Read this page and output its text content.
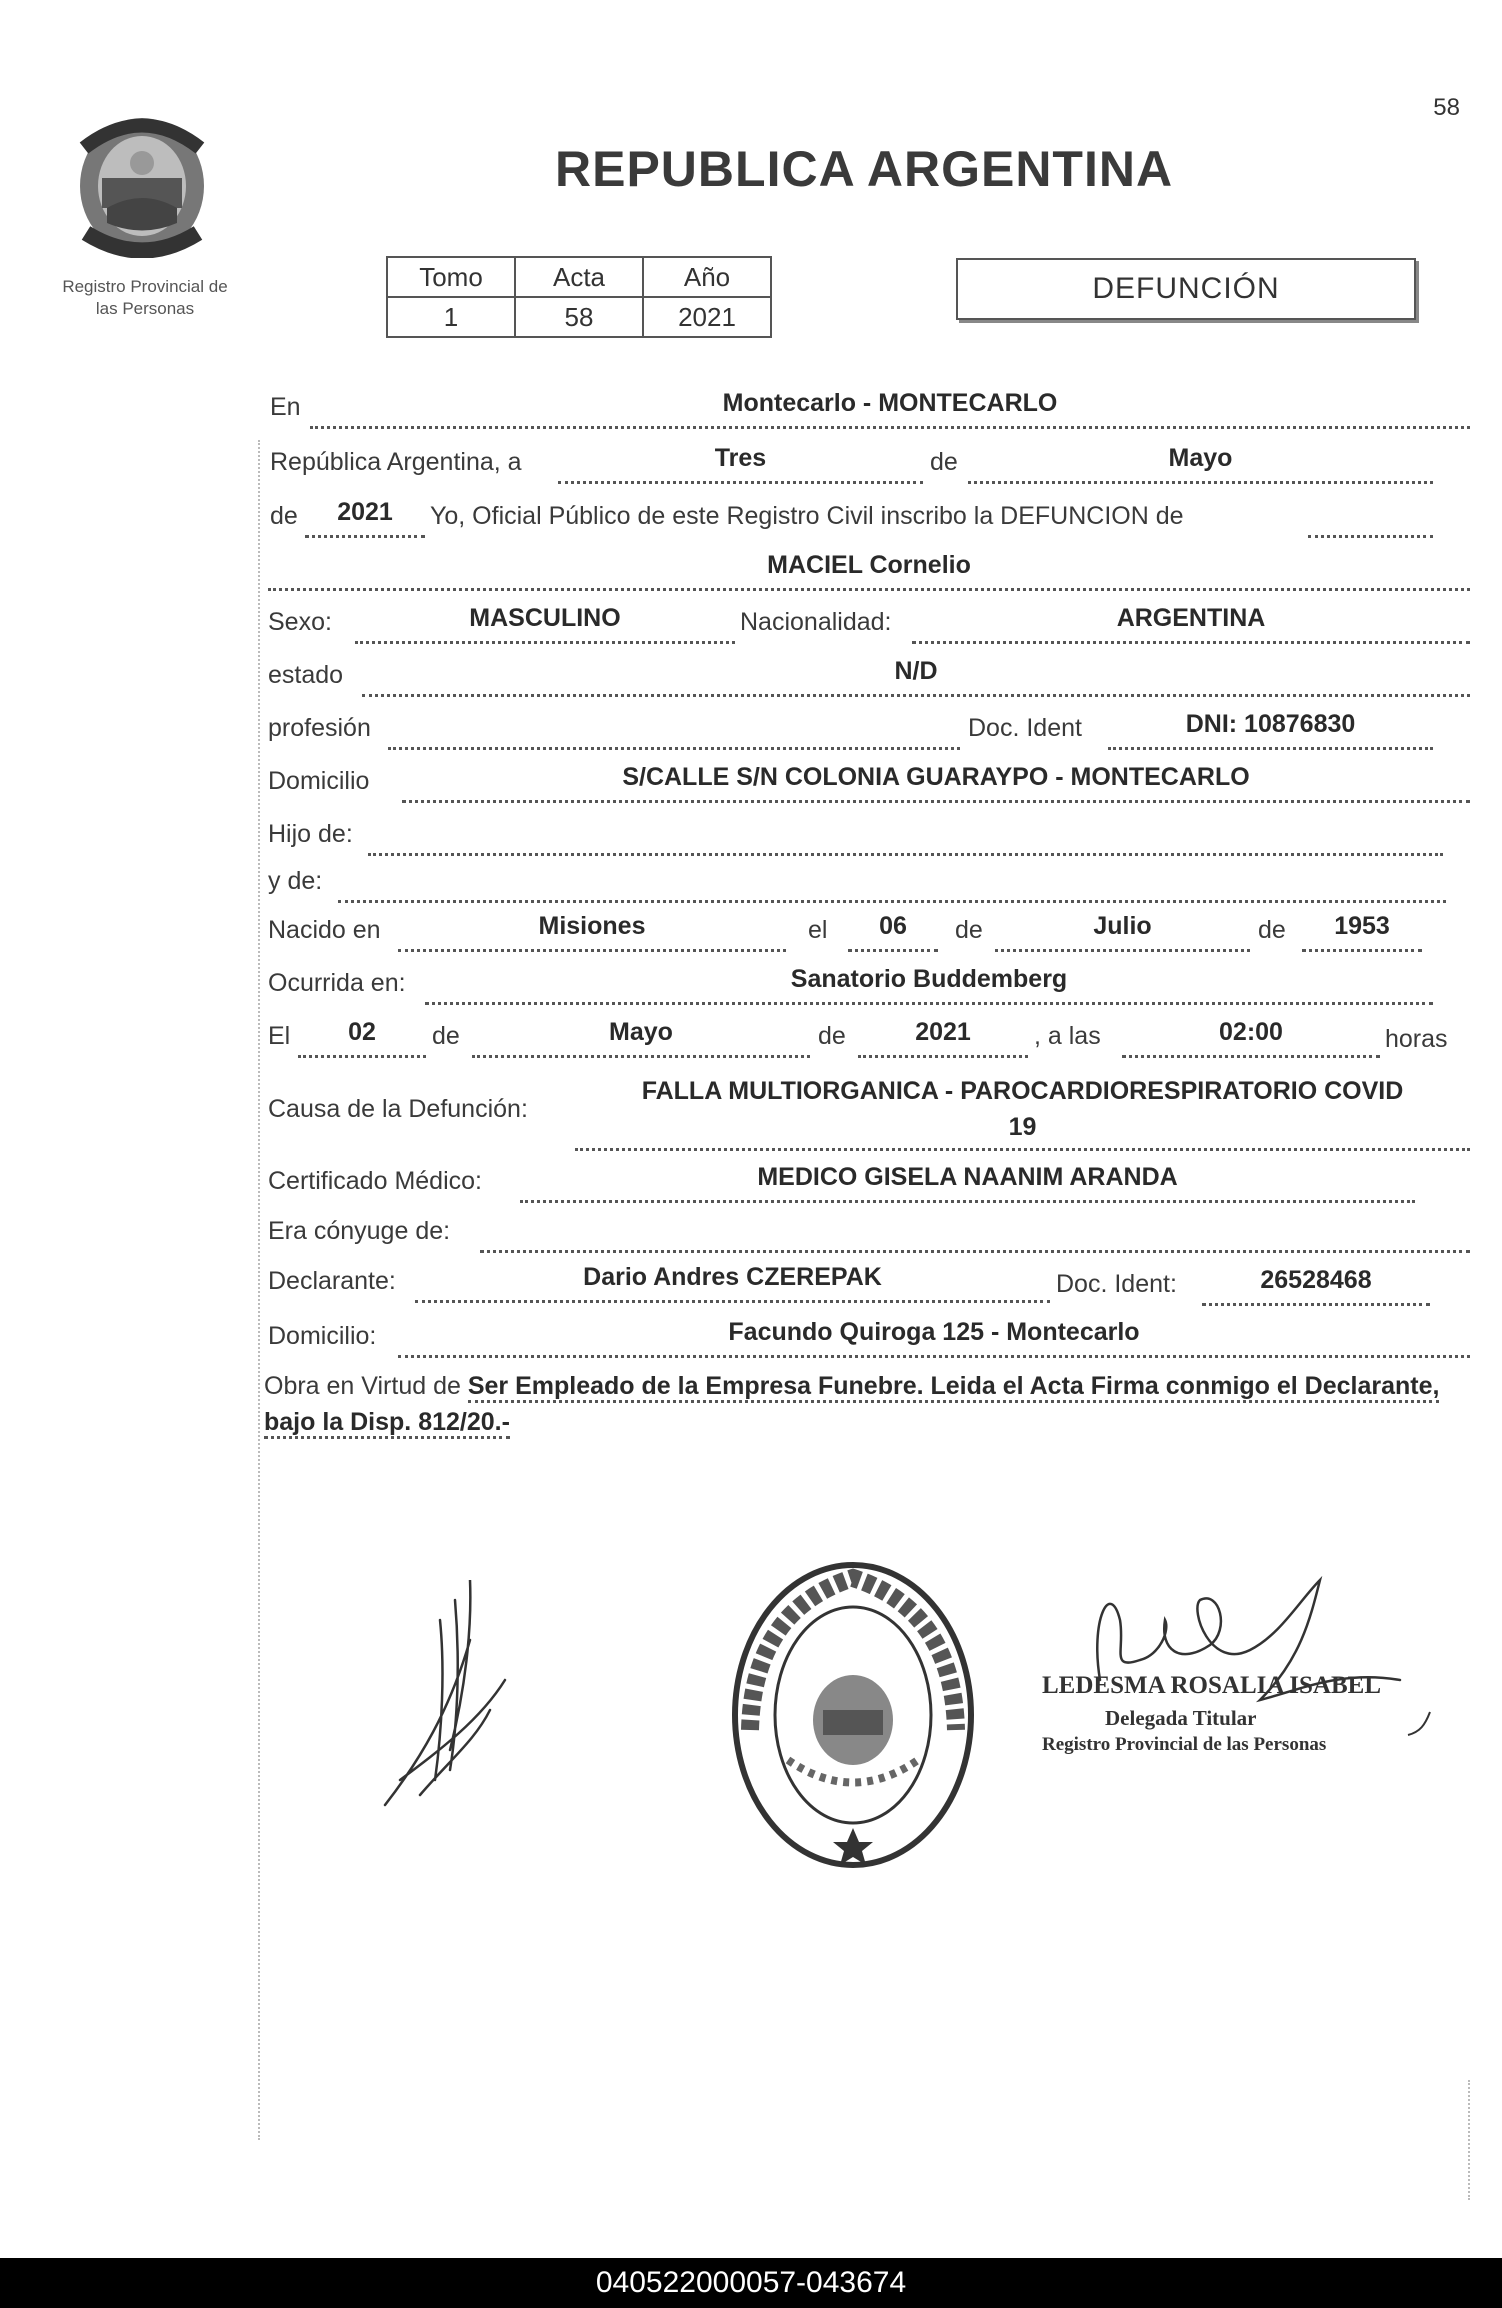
58
REPUBLICA ARGENTINA
Registro Provincial de
las Personas
Tomo	Acta	Año
1	58	2021
DEFUNCIÓN
En	Montecarlo - MONTECARLO
República Argentina, a	Tres	de	Mayo
de	2021	Yo, Oficial Público de este Registro Civil inscribo la DEFUNCION de
MACIEL Cornelio
Sexo:	MASCULINO	Nacionalidad:	ARGENTINA
estado	N/D
profesión	Doc. Ident	DNI: 10876830
Domicilio	S/CALLE S/N COLONIA GUARAYPO - MONTECARLO
Hijo de:
y de:
Nacido en	Misiones	el	06	de	Julio	de	1953
Ocurrida en:	Sanatorio Buddemberg
El	02	de	Mayo	de	2021	, a las	02:00	horas
Causa de la Defunción:
FALLA MULTIORGANICA - PAROCARDIORESPIRATORIO COVID
19
Certificado Médico:	MEDICO GISELA NAANIM ARANDA
Era cónyuge de:
Declarante:	Dario Andres CZEREPAK	Doc. Ident:	26528468
Domicilio:	Facundo Quiroga 125 - Montecarlo
Obra en Virtud de Ser Empleado de la Empresa Funebre. Leida el Acta Firma conmigo el Declarante, bajo la Disp. 812/20.-
LEDESMA ROSALIA ISABEL
Delegada Titular
Registro Provincial de las Personas
040522000057-043674
